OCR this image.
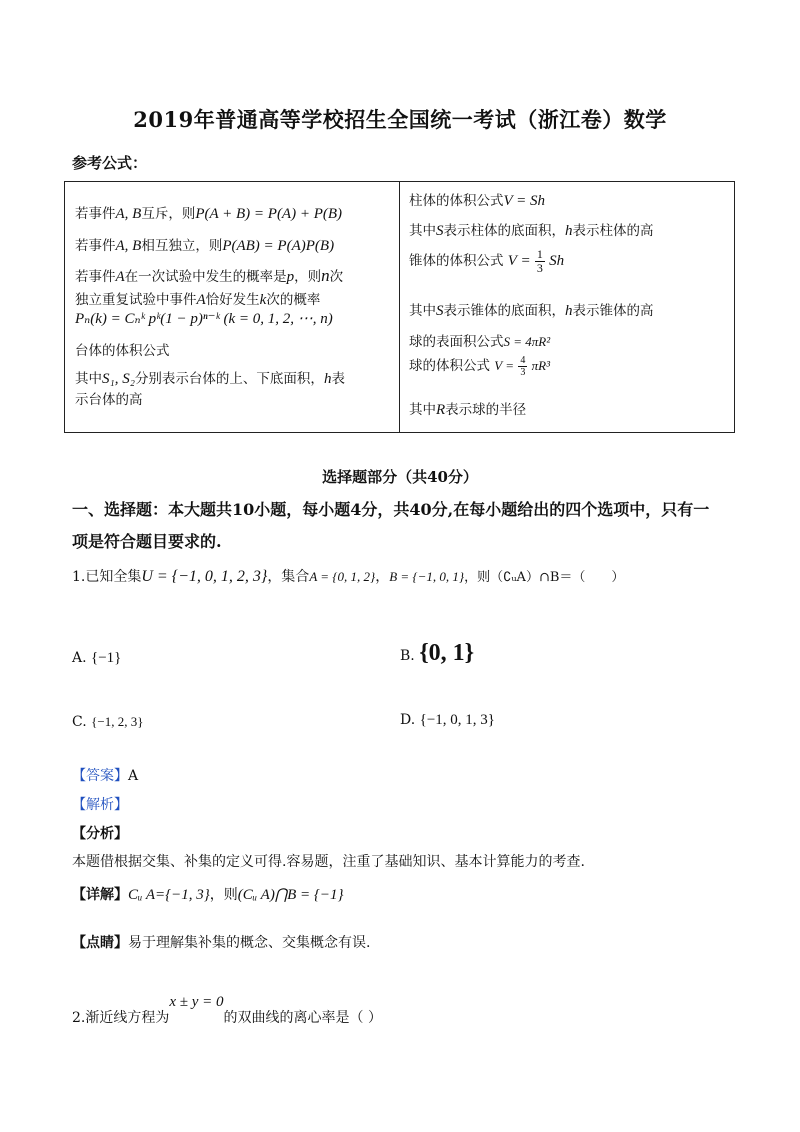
2019年普通高等学校招生全国统一考试（浙江卷）数学
参考公式：
若事件A, B互斥，则P(A + B) = P(A) + P(B)
若事件A, B相互独立，则P(AB) = P(A)P(B)
若事件A在一次试验中发生的概率是p，则n次
独立重复试验中事件A恰好发生k次的概率
Pₙ(k) = Cₙᵏ pᵏ(1 − p)ⁿ⁻ᵏ (k = 0, 1, 2, ⋯, n)
台体的体积公式
其中S₁, S₂分别表示台体的上、下底面积，h表
示台体的高
柱体的体积公式V = Sh
其中S表示柱体的底面积，h表示柱体的高
锥体的体积公式 $V = \frac{1}{3}$ Sh
其中S表示锥体的底面积，h表示锥体的高
球的表面积公式S = 4πR²
球的体积公式 $V = \frac{4}{3} \pi R^3$
其中R表示球的半径
选择题部分（共40分）
一、选择题：本大题共10小题，每小题4分，共40分,在每小题给出的四个选项中，只有一
项是符合题目要求的.
1.已知全集U = {−1, 0, 1, 2, 3}，集合A = {0, 1, 2}，B = {−1, 0, 1}，则（∁ᵤA）∩B＝（　　）
A. {−1}	B. {0, 1}
C. {−1, 2, 3}	D. {−1, 0, 1, 3}
【答案】A
【解析】
【分析】
本题借根据交集、补集的定义可得.容易题，注重了基础知识、基本计算能力的考查.
【详解】Cᵤ A={−1, 3}，则(Cᵤ A)⋂B = {−1}
【点睛】易于理解集补集的概念、交集概念有误.
2.渐近线方程为x ± y = 0的双曲线的离心率是（ ）
